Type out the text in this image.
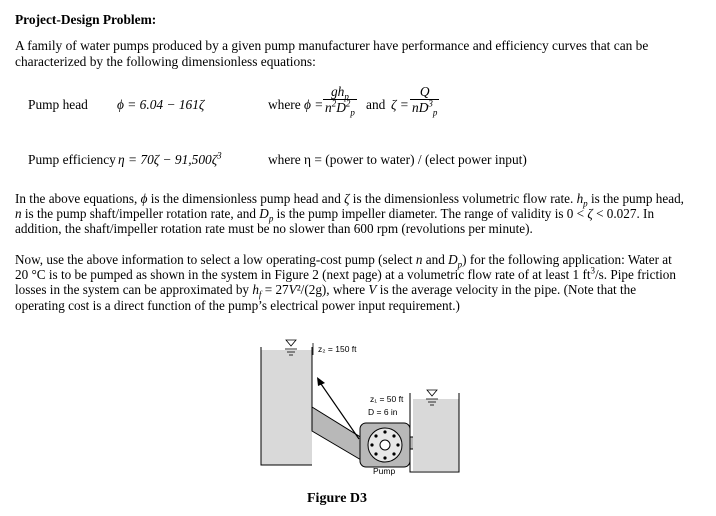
Project-Design Problem:
A family of water pumps produced by a given pump manufacturer have performance and efficiency curves that can be
characterized by the following dimensionless equations:
Pump head ϕ = 6.04 − 161ζ	where $\phi = \frac{gh_p}{n^2D^2_p}$ and $\zeta = \frac{Q}{nD^3_p}$
Pump efficiency $\eta = 70\zeta - 91,500\zeta^3$	where η = (power to water) / (elect power input)
In the above equations, ϕ is the dimensionless pump head and ζ is the dimensionless volumetric flow rate. $h_p$ is the pump head,
n is the pump shaft/impeller rotation rate, and $D_p$ is the pump impeller diameter. The range of validity is 0 < ζ < 0.027. In
addition, the shaft/impeller rotation rate must be no slower than 600 rpm (revolutions per minute).
Now, use the above information to select a low operating-cost pump (select n and $D_p$) for the following application: Water at
20 °C is to be pumped as shown in the system in Figure 2 (next page) at a volumetric flow rate of at least 1 $ft^3/s$. Pipe friction
losses in the system can be approximated by $h_f = 27V^2/(2g)$, where V is the average velocity in the pipe. (Note that the
operating cost is a direct function of the pump’s electrical power input requirement.)
z₂ = 150 ft
Pump
z₁ = 50 ft
D = 6 in
Figure D3
